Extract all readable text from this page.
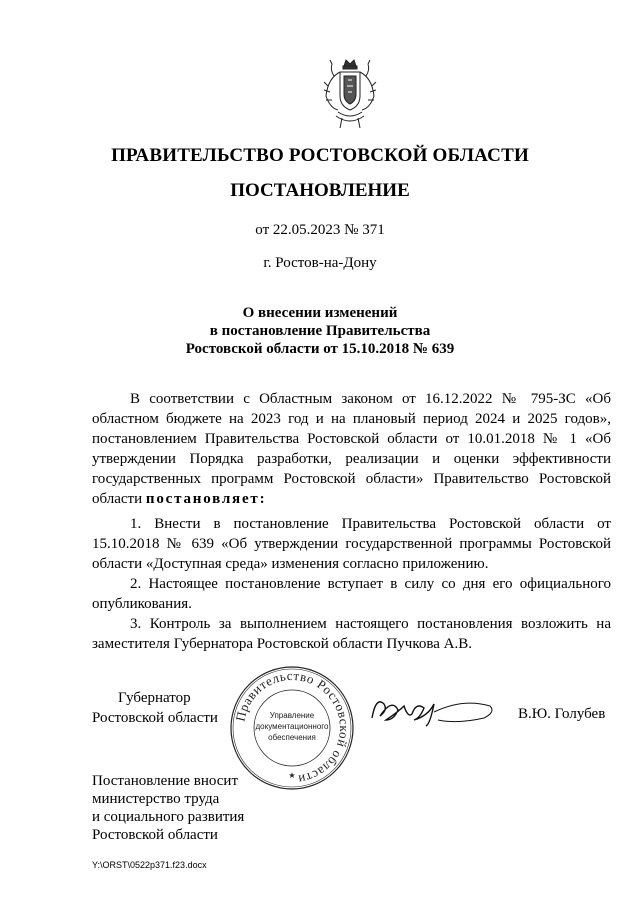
ПРАВИТЕЛЬСТВО РОСТОВСКОЙ ОБЛАСТИ
ПОСТАНОВЛЕНИЕ
от 22.05.2023 № 371
г. Ростов-на-Дону
О внесении изменений
в постановление Правительства
Ростовской области от 15.10.2018 № 639

В соответствии с Областным законом от 16.12.2022 № 795-ЗС «Об областном бюджете на 2023 год и на плановый период 2024 и 2025 годов», постановлением Правительства Ростовской области от 10.01.2018 № 1 «Об утверждении Порядка разработки, реализации и оценки эффективности государственных программ Ростовской области» Правительство Ростовской области постановляет:

1. Внести в постановление Правительства Ростовской области от 15.10.2018 № 639 «Об утверждении государственной программы Ростовской области «Доступная среда» изменения согласно приложению.
2. Настоящее постановление вступает в силу со дня его официального опубликования.
3. Контроль за выполнением настоящего постановления возложить на заместителя Губернатора Ростовской области Пучкова А.В.
Губернатор
Ростовской области Правительство Ростовской области
Управление
документационного
обеспечения
★
В.Ю. Голубев
Постановление вносит
министерство труда
и социального развития
Ростовской области
Y:\ORST\0522p371.f23.docx
